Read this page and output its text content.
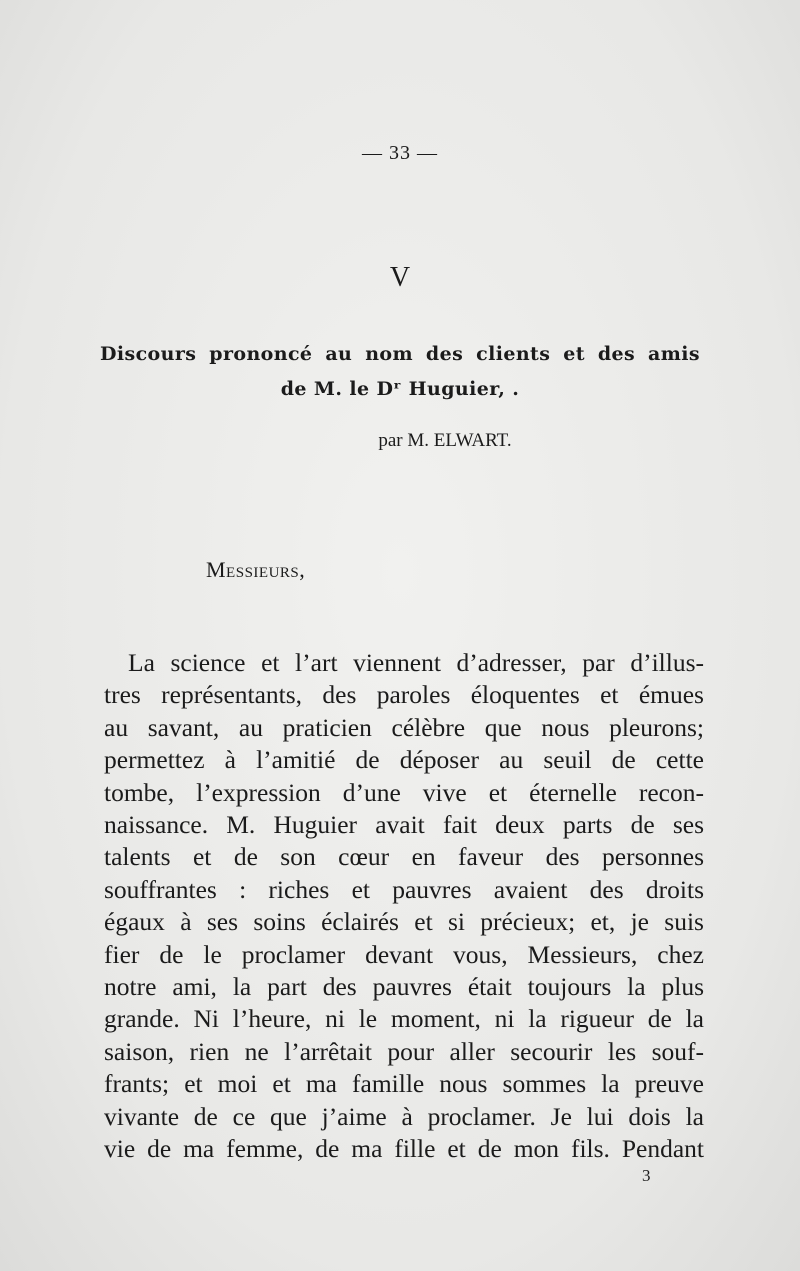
— 33 —
V
Discours prononcé au nom des clients et des amis
de M. le Dʳ Huguier, .
par M. ELWART.
Messieurs,
La science et l’art viennent d’adresser, par d’illus-
tres représentants, des paroles éloquentes et émues
au savant, au praticien célèbre que nous pleurons;
permettez à l’amitié de déposer au seuil de cette
tombe, l’expression d’une vive et éternelle recon-
naissance. M. Huguier avait fait deux parts de ses
talents et de son cœur en faveur des personnes
souffrantes : riches et pauvres avaient des droits
égaux à ses soins éclairés et si précieux; et, je suis
fier de le proclamer devant vous, Messieurs, chez
notre ami, la part des pauvres était toujours la plus
grande. Ni l’heure, ni le moment, ni la rigueur de la
saison, rien ne l’arrêtait pour aller secourir les souf-
frants; et moi et ma famille nous sommes la preuve
vivante de ce que j’aime à proclamer. Je lui dois la
vie de ma femme, de ma fille et de mon fils. Pendant
3
